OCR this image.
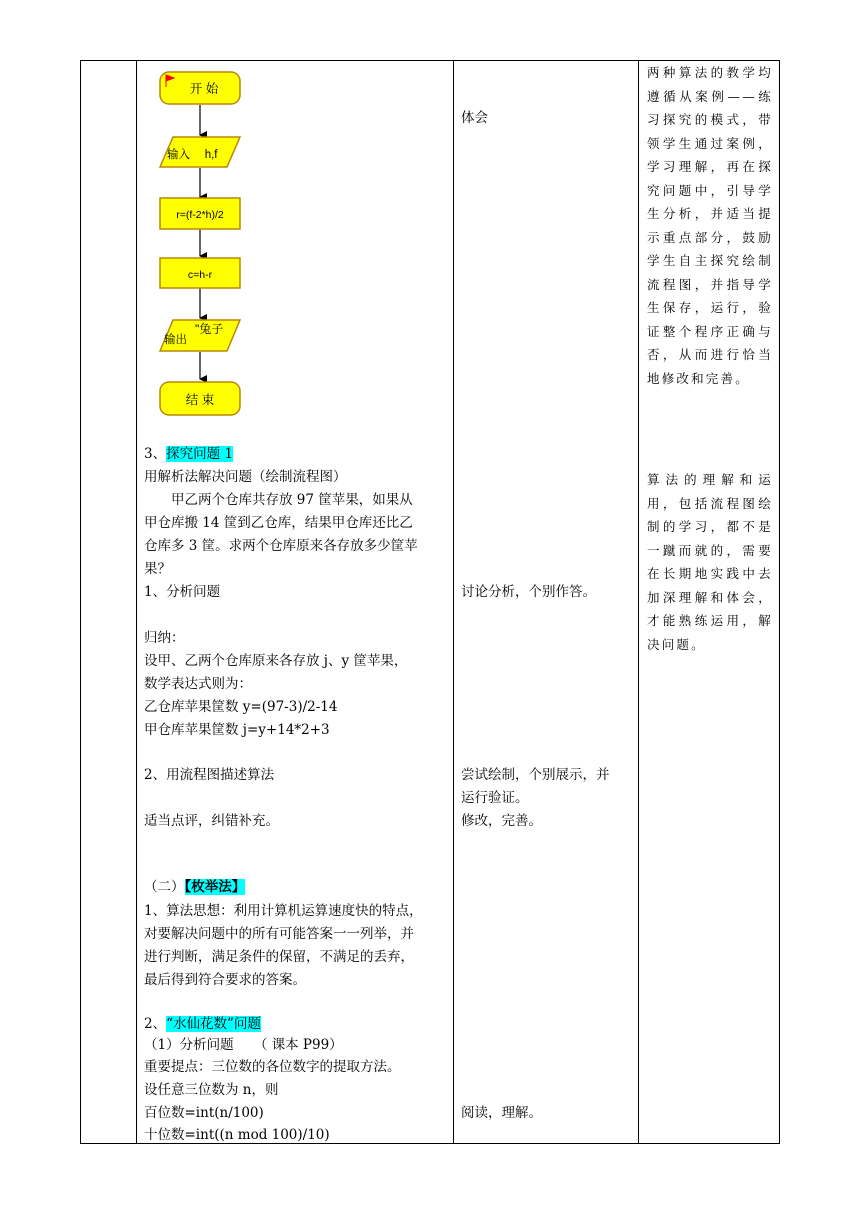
开 始
输入　 h,f
r=(f-2*h)/2
c=h-r
输出
"兔子
结 束
3、探究问题 1
用解析法解决问题（绘制流程图）
　　甲乙两个仓库共存放 97 筐苹果，如果从
甲仓库搬 14 筐到乙仓库，结果甲仓库还比乙
仓库多 3 筐。求两个仓库原来各存放多少筐苹
果？
1、分析问题
归纳：
设甲、乙两个仓库原来各存放 j、y 筐苹果，
数学表达式则为：
乙仓库苹果筐数 y=(97-3)/2-14
甲仓库苹果筐数 j=y+14*2+3
2、用流程图描述算法
适当点评，纠错补充。
（二）【枚举法】
1、算法思想：利用计算机运算速度快的特点，
对要解决问题中的所有可能答案一一列举，并
进行判断，满足条件的保留，不满足的丢弃，
最后得到符合要求的答案。
2、“水仙花数”问题
（1）分析问题　　（ 课本 P99）
重要提点：三位数的各位数字的提取方法。
设任意三位数为 n，则
百位数=int(n/100)
十位数=int((n mod 100)/10)
体会
讨论分析，个别作答。
尝试绘制，个别展示，并
运行验证。
修改，完善。
阅读，理解。
两种算法的教学均遵循从案例——练习探究的模式，带领学生通过案例，学习理解，再在探究问题中，引导学生分析，并适当提示重点部分，鼓励学生自主探究绘制流程图，并指导学生保存，运行，验证整个程序正确与否，从而进行恰当地修改和完善。
算法的理解和运用，包括流程图绘制的学习，都不是一蹴而就的，需要在长期地实践中去加深理解和体会，才能熟练运用，解决问题。
